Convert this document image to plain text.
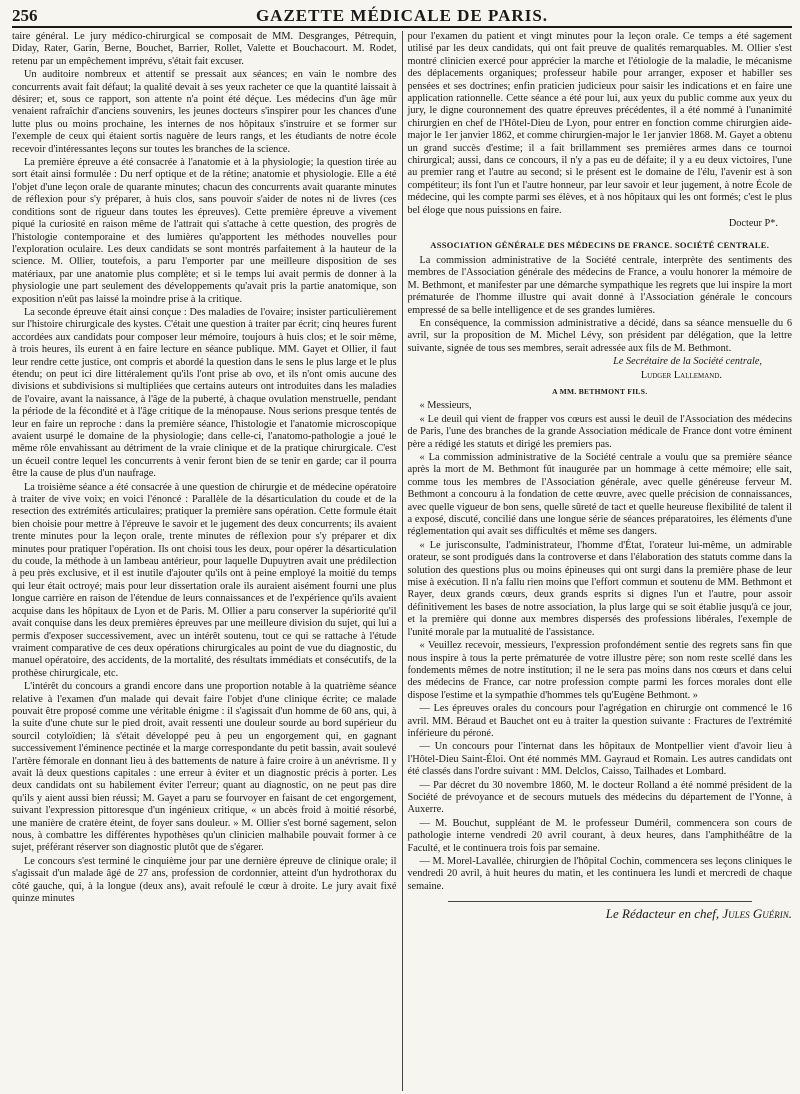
256	GAZETTE MÉDICALE DE PARIS.

taire général. Le jury médico-chirurgical se composait de MM. Desgranges, Pétrequin, Diday, Rater, Garin, Berne, Bouchet, Barrier, Rollet, Valette et Bouchacourt. M. Rodet, retenu par un empêchement imprévu, s'était fait excuser.

Un auditoire nombreux et attentif se pressait aux séances; en vain le nombre des concurrents avait fait défaut; la qualité devait à ses yeux racheter ce que la quantité laissait à désirer; et, sous ce rapport, son attente n'a point été déçue. Les médecins d'un âge mûr venaient rafraîchir d'anciens souvenirs, les jeunes docteurs s'inspirer pour les chances d'une lutte plus ou moins prochaine, les internes de nos hôpitaux s'instruire et se former sur l'exemple de ceux qui étaient sortis naguère de leurs rangs, et les étudiants de notre école recevoir d'intéressantes leçons sur toutes les branches de la science.

La première épreuve a été consacrée à l'anatomie et à la physiologie; la question tirée au sort était ainsi formulée : Du nerf optique et de la rétine; anatomie et physiologie. Elle a été l'objet d'une leçon orale de quarante minutes; chacun des concurrents avait quarante minutes de réflexion pour s'y préparer, à huis clos, sans pouvoir s'aider de notes ni de livres (ces conditions sont de rigueur dans toutes les épreuves). Cette première épreuve a vivement piqué la curiosité en raison même de l'attrait qui s'attache à cette question, des progrès de l'histologie contemporaine et des lumières qu'apportent les méthodes nouvelles pour l'exploration oculaire. Les deux candidats se sont montrés parfaitement à la hauteur de la science. M. Ollier, toutefois, a paru l'emporter par une meilleure disposition de ses matériaux, par une anatomie plus complète; et si le temps lui avait permis de donner à la physiologie une part seulement des développements qu'avait pris la partie anatomique, son exposition n'eût pas laissé la moindre prise à la critique.

La seconde épreuve était ainsi conçue : Des maladies de l'ovaire; insister particulièrement sur l'histoire chirurgicale des kystes. C'était une question à traiter par écrit; cinq heures furent accordées aux candidats pour composer leur mémoire, toujours à huis clos; et le soir même, à trois heures, ils eurent à en faire lecture en séance publique. MM. Gayet et Ollier, il faut leur rendre cette justice, ont compris et abordé la question dans le sens le plus large et le plus étendu; on peut ici dire littéralement qu'ils l'ont prise ab ovo, et ils n'ont omis aucune des divisions et subdivisions si multipliées que certains auteurs ont introduites dans les maladies de l'ovaire, avant la naissance, à l'âge de la puberté, à chaque ovulation menstruelle, pendant la période de la fécondité et à l'âge critique de la ménopause. Nous serions presque tentés de leur en faire un reproche : dans la première séance, l'histologie et l'anatomie microscopique avaient usurpé le domaine de la physiologie; dans celle-ci, l'anatomo-pathologie a joué le même rôle envahissant au détriment de la vraie clinique et de la pratique chirurgicale. C'est un écueil contre lequel les concurrents à venir feront bien de se tenir en garde; car il pourra être la cause de plus d'un naufrage.

La troisième séance a été consacrée à une question de chirurgie et de médecine opératoire à traiter de vive voix; en voici l'énoncé : Parallèle de la désarticulation du coude et de la resection des extrémités articulaires; pratiquer la première sans opération. Cette formule était bien choisie pour mettre à l'épreuve le savoir et le jugement des deux concurrents; ils avaient trente minutes pour la leçon orale, trente minutes de réflexion pour s'y préparer et dix minutes pour pratiquer l'opération. Ils ont choisi tous les deux, pour opérer la désarticulation du coude, la méthode à un lambeau antérieur, pour laquelle Dupuytren avait une prédilection à peu près exclusive, et il est inutile d'ajouter qu'ils ont à peine employé la moitié du temps qui leur était octroyé; mais pour leur dissertation orale ils auraient aisément fourni une plus longue carrière en raison de l'étendue de leurs connaissances et de l'expérience qu'ils avaient acquise dans les hôpitaux de Lyon et de Paris. M. Ollier a paru conserver la supériorité qu'il avait conquise dans les deux premières épreuves par une meilleure division du sujet, qui lui a permis d'exposer successivement, avec un intérêt soutenu, tout ce qui se rattache à l'étude vraiment comparative de ces deux opérations chirurgicales au point de vue du diagnostic, du manuel opératoire, des accidents, de la mortalité, des résultats immédiats et consécutifs, de la prothèse chirurgicale, etc.

L'intérêt du concours a grandi encore dans une proportion notable à la quatrième séance relative à l'examen d'un malade qui devait faire l'objet d'une clinique écrite; ce malade pouvait être proposé comme une véritable énigme : il s'agissait d'un homme de 60 ans, qui, à la suite d'une chute sur le pied droit, avait ressenti une douleur sourde au bord supérieur du sourcil cotyloïdien; là s'était développé peu à peu un engorgement qui, en gagnant successivement l'éminence pectinée et la marge correspondante du petit bassin, avait soulevé l'artère fémorale en donnant lieu à des battements de nature à faire croire à un anévrisme. Il y avait là deux questions capitales : une erreur à éviter et un diagnostic précis à porter. Les deux candidats ont su habilement éviter l'erreur; quant au diagnostic, on ne peut pas dire qu'ils y aient aussi bien réussi; M. Gayet a paru se fourvoyer en faisant de cet engorgement, suivant l'expression pittoresque d'un ingénieux critique, « un abcès froid à moitié résorbé, une manière de cratère éteint, de foyer sans douleur. » M. Ollier s'est borné sagement, selon nous, à combattre les différentes hypothèses qu'un clinicien malhabile pouvait former à ce sujet, préférant réserver son diagnostic plutôt que de s'égarer.

Le concours s'est terminé le cinquième jour par une dernière épreuve de clinique orale; il s'agissait d'un malade âgé de 27 ans, profession de cordonnier, atteint d'un hydrothorax du côté gauche, qui, à la longue (deux ans), avait refoulé le cœur à droite. Le jury avait fixé quinze minutes

pour l'examen du patient et vingt minutes pour la leçon orale. Ce temps a été sagement utilisé par les deux candidats, qui ont fait preuve de qualités remarquables. M. Ollier s'est montré clinicien exercé pour apprécier la marche et l'étiologie de la maladie, le mécanisme des déplacements organiques; professeur habile pour arranger, exposer et habiller ses pensées et ses doctrines; enfin praticien judicieux pour saisir les indications et en faire une application rationnelle. Cette séance a été pour lui, aux yeux du public comme aux yeux du jury, le digne couronnement des quatre épreuves précédentes, il a été nommé à l'unanimité chirurgien en chef de l'Hôtel-Dieu de Lyon, pour entrer en fonction comme chirurgien aide-major le 1er janvier 1862, et comme chirurgien-major le 1er janvier 1868. M. Gayet a obtenu un grand succès d'estime; il a fait brillamment ses premières armes dans ce tournoi chirurgical; aussi, dans ce concours, il n'y a pas eu de défaite; il y a eu deux victoires, l'une au premier rang et l'autre au second; si le présent est le domaine de l'élu, l'avenir est à son compétiteur; ils font l'un et l'autre honneur, par leur savoir et leur jugement, à notre École de médecine, qui les compte parmi ses élèves, et à nos hôpitaux qui les ont formés; c'est le plus bel éloge que nous puissions en faire.

Docteur P*.

ASSOCIATION GÉNÉRALE DES MÉDECINS DE FRANCE. SOCIÉTÉ CENTRALE.

La commission administrative de la Société centrale, interprète des sentiments des membres de l'Association générale des médecins de France, a voulu honorer la mémoire de M. Bethmont, et manifester par une démarche sympathique les regrets que lui inspire la mort prématurée de l'homme illustre qui avait donné à l'Association générale le concours empressé de sa belle intelligence et de ses grandes lumières.

En conséquence, la commission administrative a décidé, dans sa séance mensuelle du 6 avril, sur la proposition de M. Michel Lévy, son président par délégation, que la lettre suivante, signée de tous ses membres, serait adressée aux fils de M. Bethmont.

Le Secrétaire de la Société centrale,

Ludger Lallemand.

A MM. BETHMONT FILS.

« Messieurs,

« Le deuil qui vient de frapper vos cœurs est aussi le deuil de l'Association des médecins de Paris, l'une des branches de la grande Association médicale de France dont votre éminent père a rédigé les statuts et dirigé les premiers pas.

« La commission administrative de la Société centrale a voulu que sa première séance après la mort de M. Bethmont fût inaugurée par un hommage à cette mémoire; elle sait, comme tous les membres de l'Association générale, avec quelle généreuse ferveur M. Bethmont a concouru à la fondation de cette œuvre, avec quelle précision de connaissances, avec quelle vigueur de bon sens, quelle sûreté de tact et quelle heureuse flexibilité de talent il a exposé, discuté, concilié dans une longue série de séances préparatoires, les éléments d'une réglementation qui avait ses difficultés et même ses dangers.

« Le jurisconsulte, l'administrateur, l'homme d'État, l'orateur lui-même, un admirable orateur, se sont prodigués dans la controverse et dans l'élaboration des statuts comme dans la solution des questions plus ou moins épineuses qui ont surgi dans la première phase de leur mise à exécution. Il n'a fallu rien moins que l'effort commun et soutenu de MM. Bethmont et Rayer, deux grands cœurs, deux grands esprits si dignes l'un et l'autre, pour assoir définitivement les bases de notre association, la plus large qui se soit établie jusqu'à ce jour, et la première qui donne aux membres dispersés des professions libérales, l'exemple de l'unité morale par la mutualité de l'assistance.

« Veuillez recevoir, messieurs, l'expression profondément sentie des regrets sans fin que nous inspire à tous la perte prématurée de votre illustre père; son nom reste scellé dans les fondements mêmes de notre institution; il ne le sera pas moins dans nos cœurs et dans celui des médecins de France, car notre profession compte parmi les forces morales dont elle dispose l'estime et la sympathie d'hommes tels qu'Eugène Bethmont. »

— Les épreuves orales du concours pour l'agrégation en chirurgie ont commencé le 16 avril. MM. Béraud et Bauchet ont eu à traiter la question suivante : Fractures de l'extrémité inférieure du péroné.

— Un concours pour l'internat dans les hôpitaux de Montpellier vient d'avoir lieu à l'Hôtel-Dieu Saint-Éloi. Ont été nommés MM. Gayraud et Romain. Les autres candidats ont été classés dans l'ordre suivant : MM. Delclos, Caisso, Tailhades et Lombard.

— Par décret du 30 novembre 1860, M. le docteur Rolland a été nommé président de la Société de prévoyance et de secours mutuels des médecins du département de l'Yonne, à Auxerre.

— M. Bouchut, suppléant de M. le professeur Duméril, commencera son cours de pathologie interne vendredi 20 avril courant, à deux heures, dans l'amphithéâtre de la Faculté, et le continuera trois fois par semaine.

— M. Morel-Lavallée, chirurgien de l'hôpital Cochin, commencera ses leçons cliniques le vendredi 20 avril, à huit heures du matin, et les continuera les lundi et mercredi de chaque semaine.

Le Rédacteur en chef, Jules Guérin.
